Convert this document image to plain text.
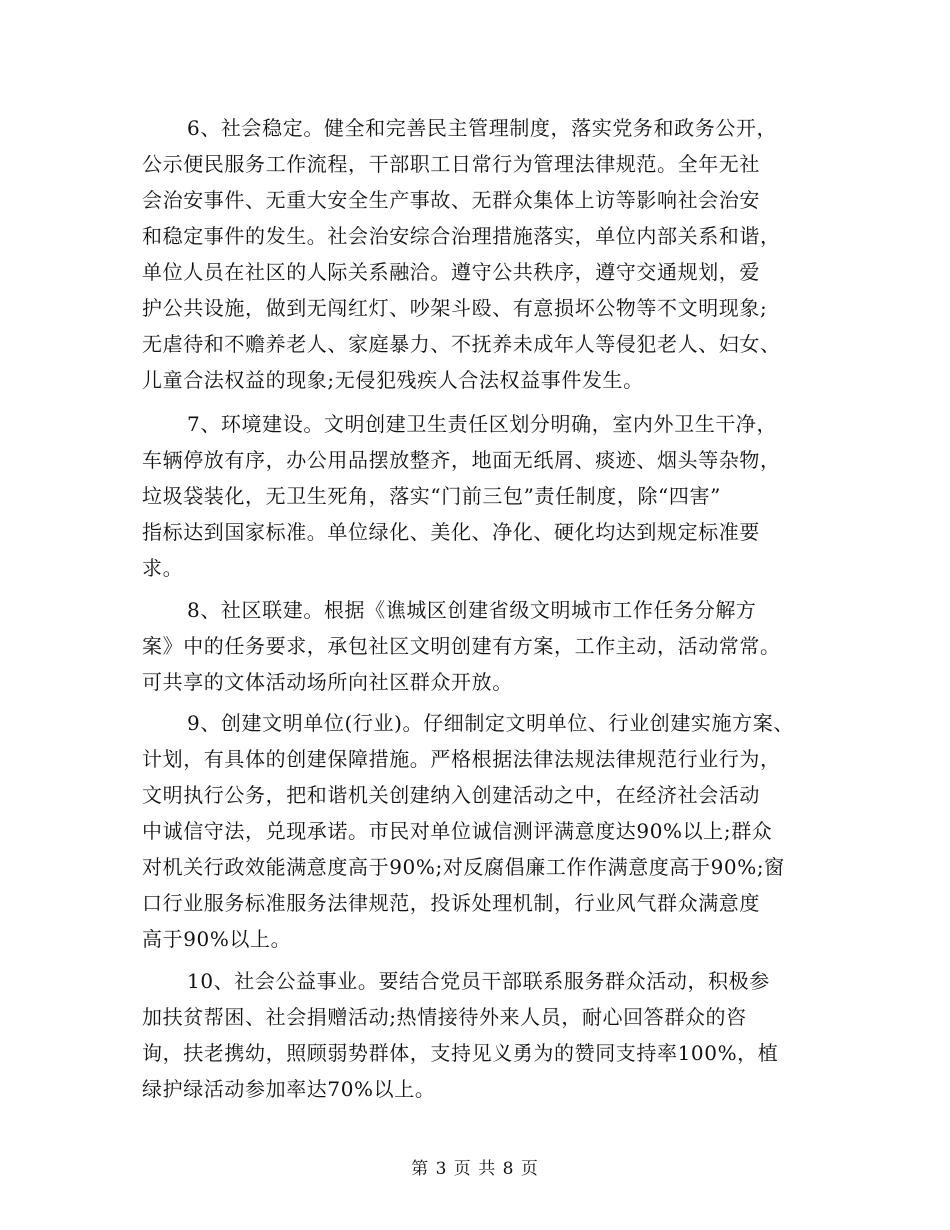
6、社会稳定。健全和完善民主管理制度，落实党务和政务公开，
公示便民服务工作流程，干部职工日常行为管理法律规范。全年无社
会治安事件、无重大安全生产事故、无群众集体上访等影响社会治安
和稳定事件的发生。社会治安综合治理措施落实，单位内部关系和谐，
单位人员在社区的人际关系融洽。遵守公共秩序，遵守交通规划，爱
护公共设施，做到无闯红灯、吵架斗殴、有意损坏公物等不文明现象;
无虐待和不赡养老人、家庭暴力、不抚养未成年人等侵犯老人、妇女、
儿童合法权益的现象;无侵犯残疾人合法权益事件发生。
7、环境建设。文明创建卫生责任区划分明确，室内外卫生干净，
车辆停放有序，办公用品摆放整齐，地面无纸屑、痰迹、烟头等杂物，
垃圾袋装化，无卫生死角，落实“门前三包”责任制度，除“四害”
指标达到国家标准。单位绿化、美化、净化、硬化均达到规定标准要
求。
8、社区联建。根据《谯城区创建省级文明城市工作任务分解方
案》中的任务要求，承包社区文明创建有方案，工作主动，活动常常。
可共享的文体活动场所向社区群众开放。
9、创建文明单位(行业)。仔细制定文明单位、行业创建实施方案、
计划，有具体的创建保障措施。严格根据法律法规法律规范行业行为，
文明执行公务，把和谐机关创建纳入创建活动之中，在经济社会活动
中诚信守法，兑现承诺。市民对单位诚信测评满意度达90%以上;群众
对机关行政效能满意度高于90%;对反腐倡廉工作作满意度高于90%;窗
口行业服务标准服务法律规范，投诉处理机制，行业风气群众满意度
高于90%以上。
10、社会公益事业。要结合党员干部联系服务群众活动，积极参
加扶贫帮困、社会捐赠活动;热情接待外来人员，耐心回答群众的咨
询，扶老携幼，照顾弱势群体，支持见义勇为的赞同支持率100%，植
绿护绿活动参加率达70%以上。
第 3 页 共 8 页
